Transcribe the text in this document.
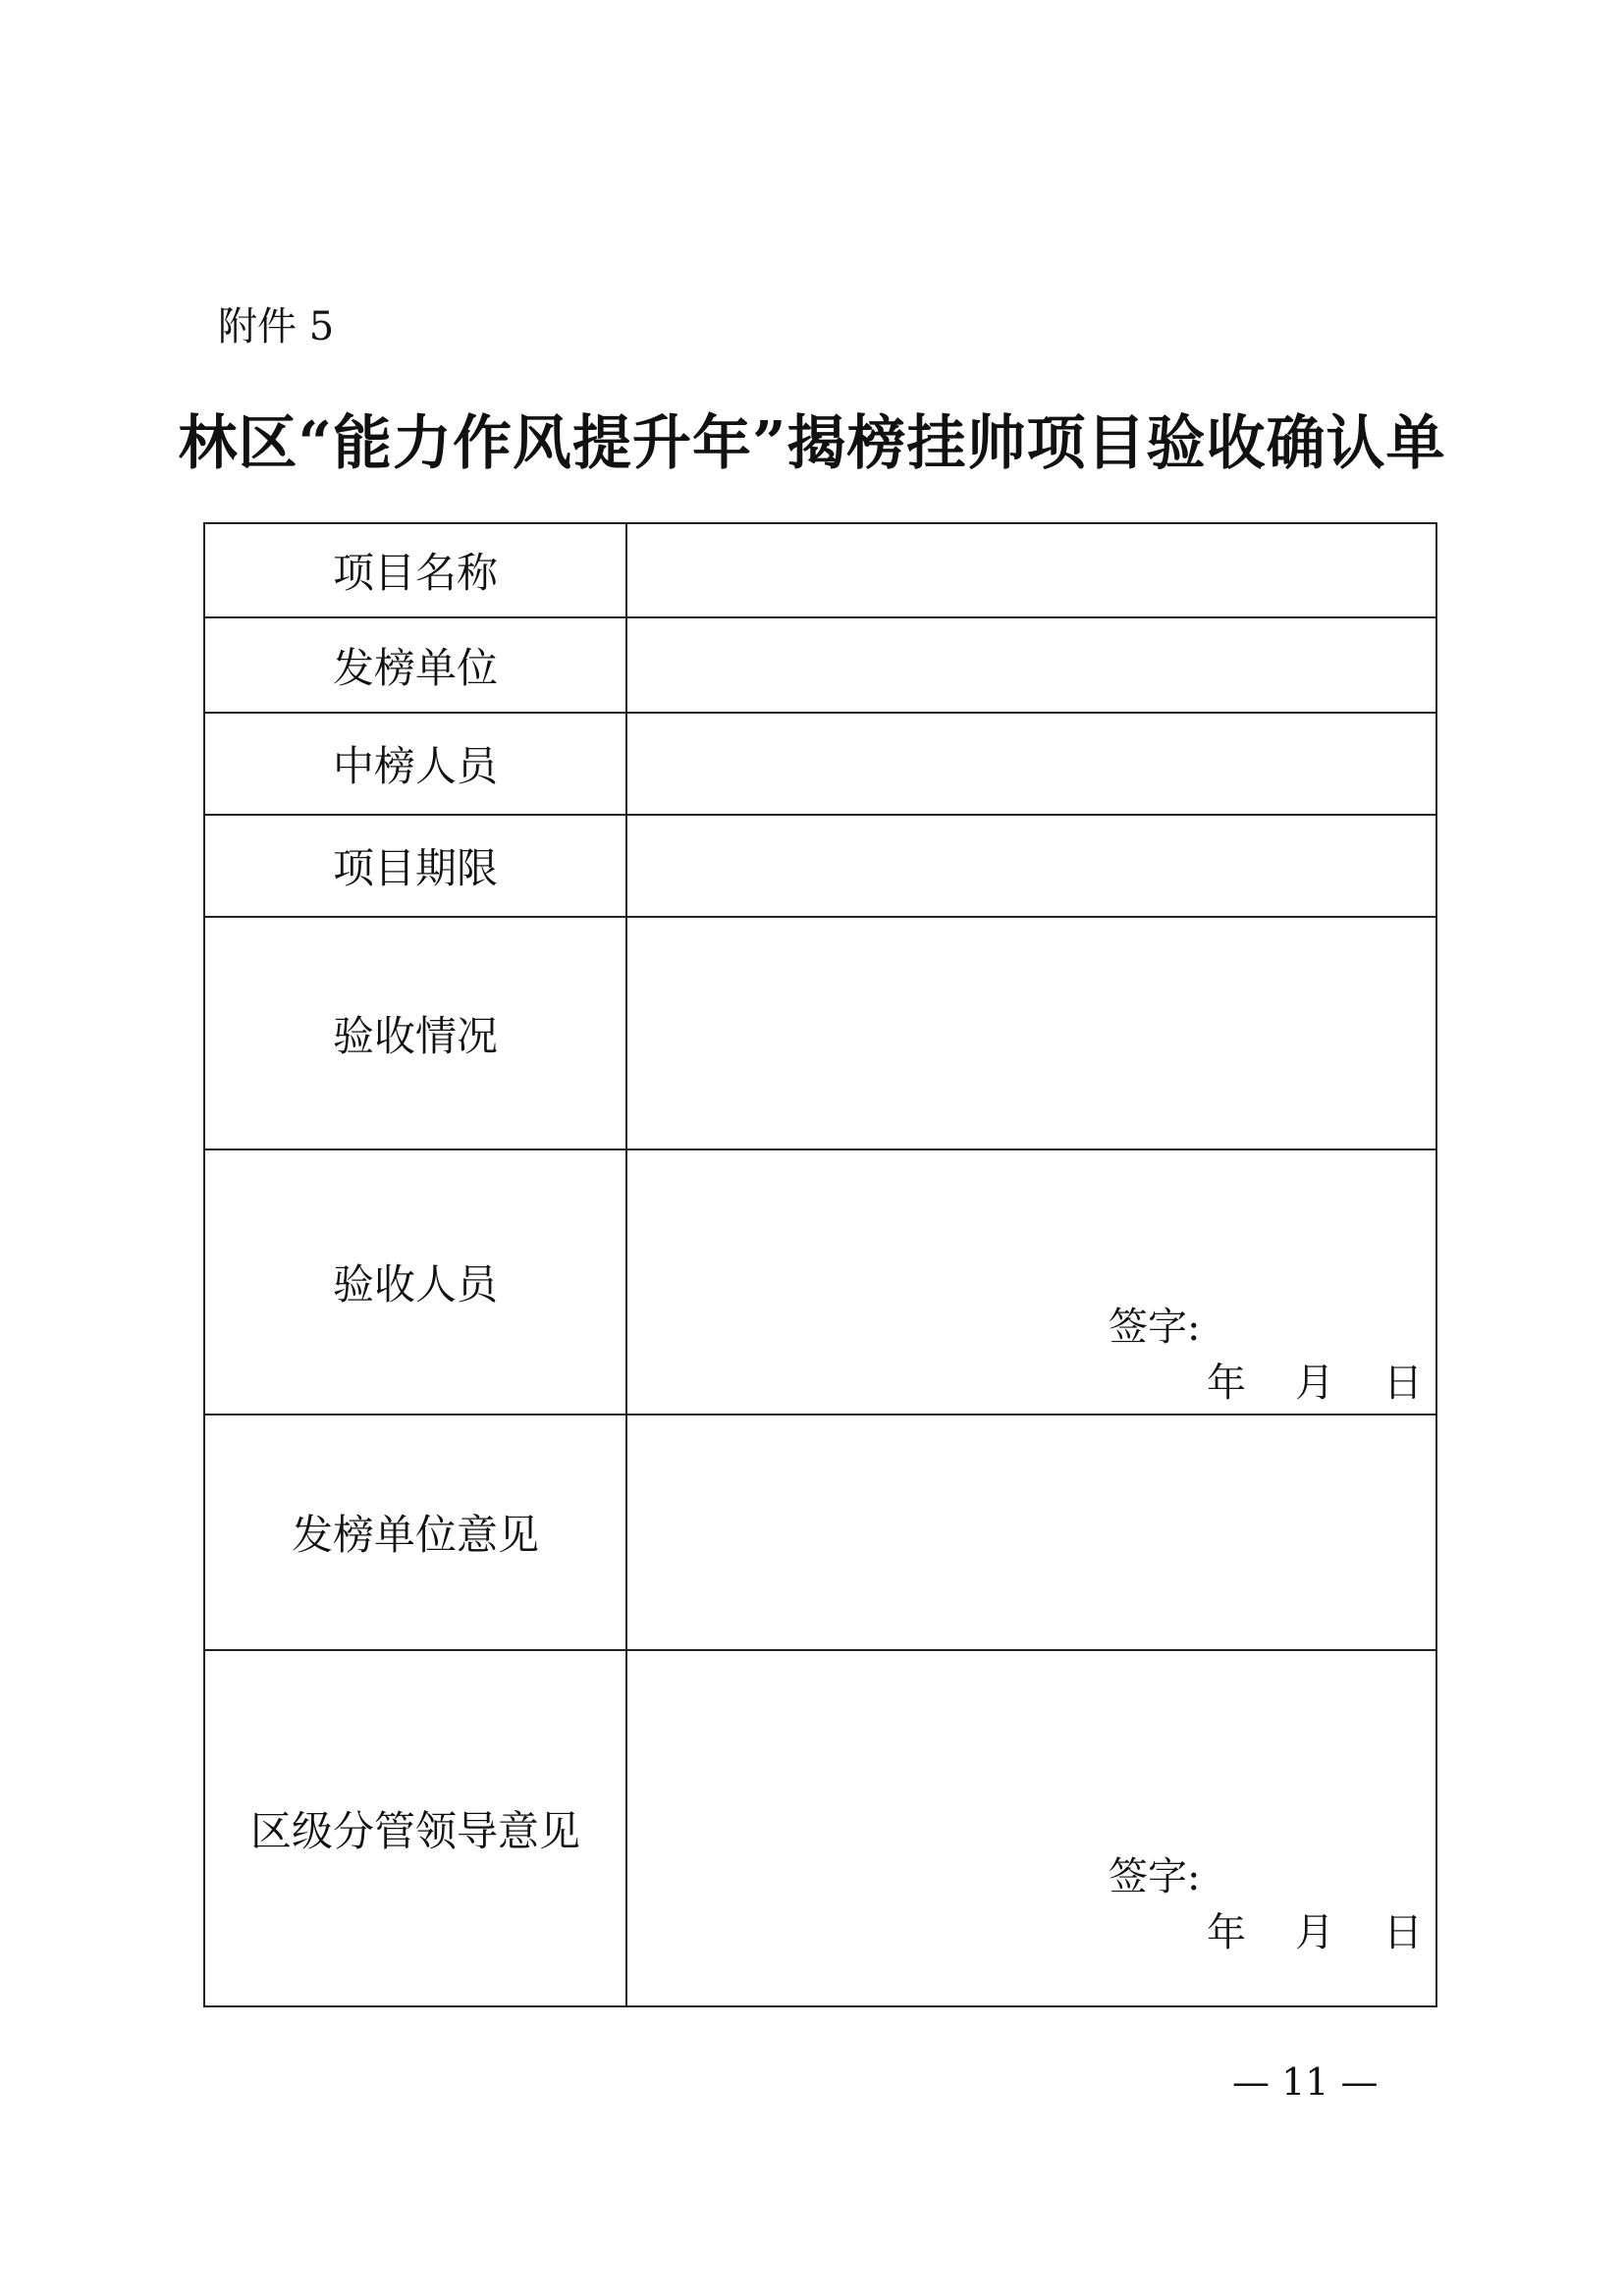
附件 5
林区“能力作风提升年”揭榜挂帅项目验收确认单
项目名称	
发榜单位	
中榜人员	
项目期限	
验收情况	
验收人员	签字:
年 月 日

发榜单位意见	
区级分管领导意见	签字:
年 月 日
— 11 —
